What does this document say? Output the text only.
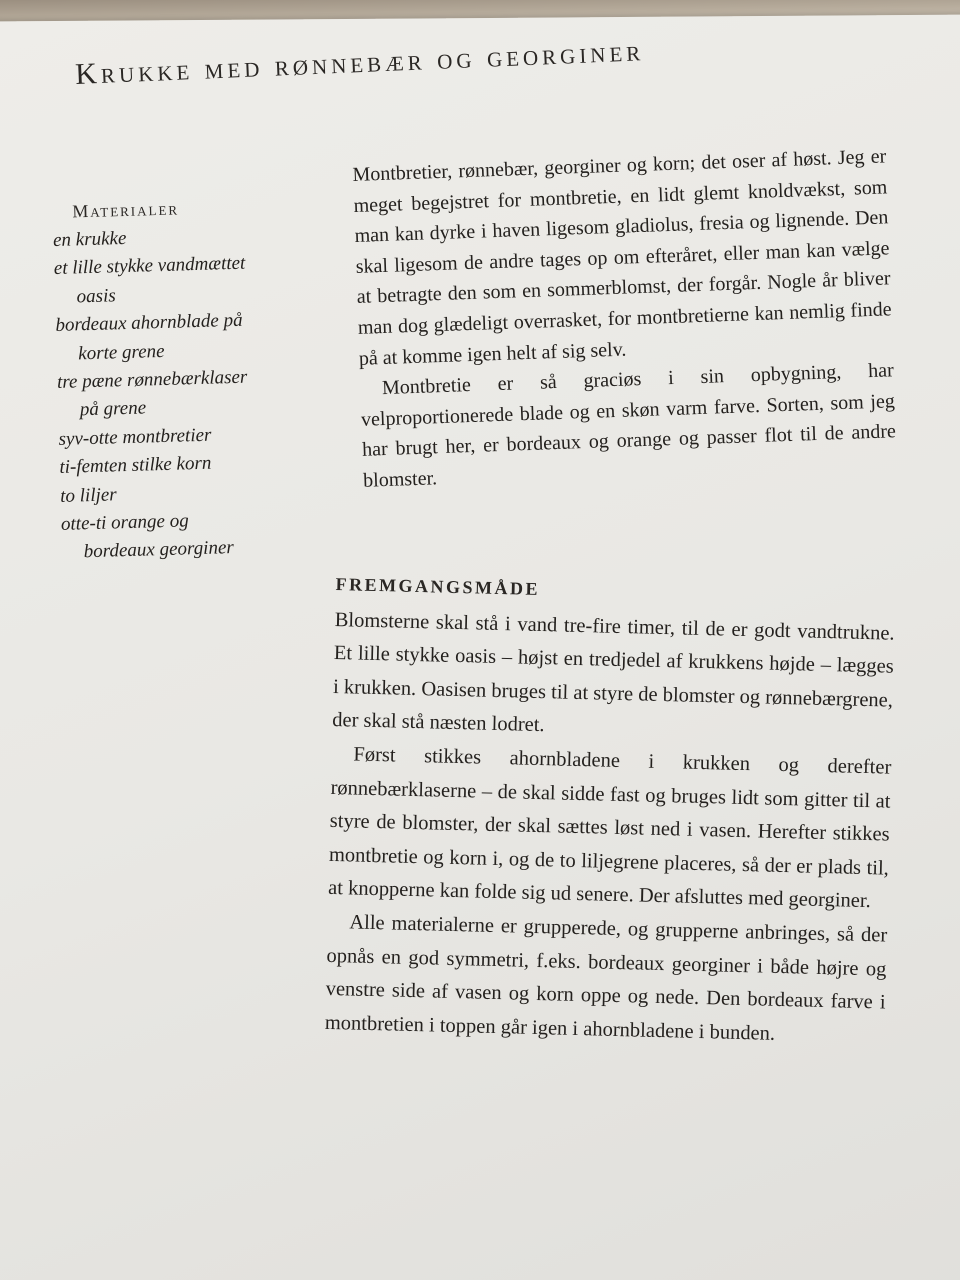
Krukke med rønnebær og georginer
Materialer
en krukke
et lille stykke vandmættet
oasis
bordeaux ahornblade på
korte grene
tre pæne rønnebærklaser
på grene
syv-otte montbretier
ti-femten stilke korn
to liljer
otte-ti orange og
bordeaux georginer

Montbretier, rønnebær, georginer og korn; det oser af høst. Jeg er meget begejstret for montbretie, en lidt glemt knoldvækst, som man kan dyrke i haven ligesom gladiolus, fresia og lignende. Den skal ligesom de andre tages op om efteråret, eller man kan vælge at betragte den som en sommerblomst, der forgår. Nogle år bliver man dog glædeligt overrasket, for montbretierne kan nemlig finde på at komme igen helt af sig selv.

Montbretie er så graciøs i sin opbygning, har velproportionerede blade og en skøn varm farve. Sorten, som jeg har brugt her, er bordeaux og orange og passer flot til de andre blomster.

FREMGANGSMÅDE

Blomsterne skal stå i vand tre-fire timer, til de er godt vandtrukne. Et lille stykke oasis – højst en tredjedel af krukkens højde – lægges i krukken. Oasisen bruges til at styre de blomster og rønnebærgrene, der skal stå næsten lodret.

Først stikkes ahornbladene i krukken og derefter rønnebærklaserne – de skal sidde fast og bruges lidt som gitter til at styre de blomster, der skal sættes løst ned i vasen. Herefter stikkes montbretie og korn i, og de to liljegrene placeres, så der er plads til, at knopperne kan folde sig ud senere. Der afsluttes med georginer.

Alle materialerne er grupperede, og grupperne anbringes, så der opnås en god symmetri, f.eks. bordeaux georginer i både højre og venstre side af vasen og korn oppe og nede. Den bordeaux farve i montbretien i toppen går igen i ahornbladene i bunden.
